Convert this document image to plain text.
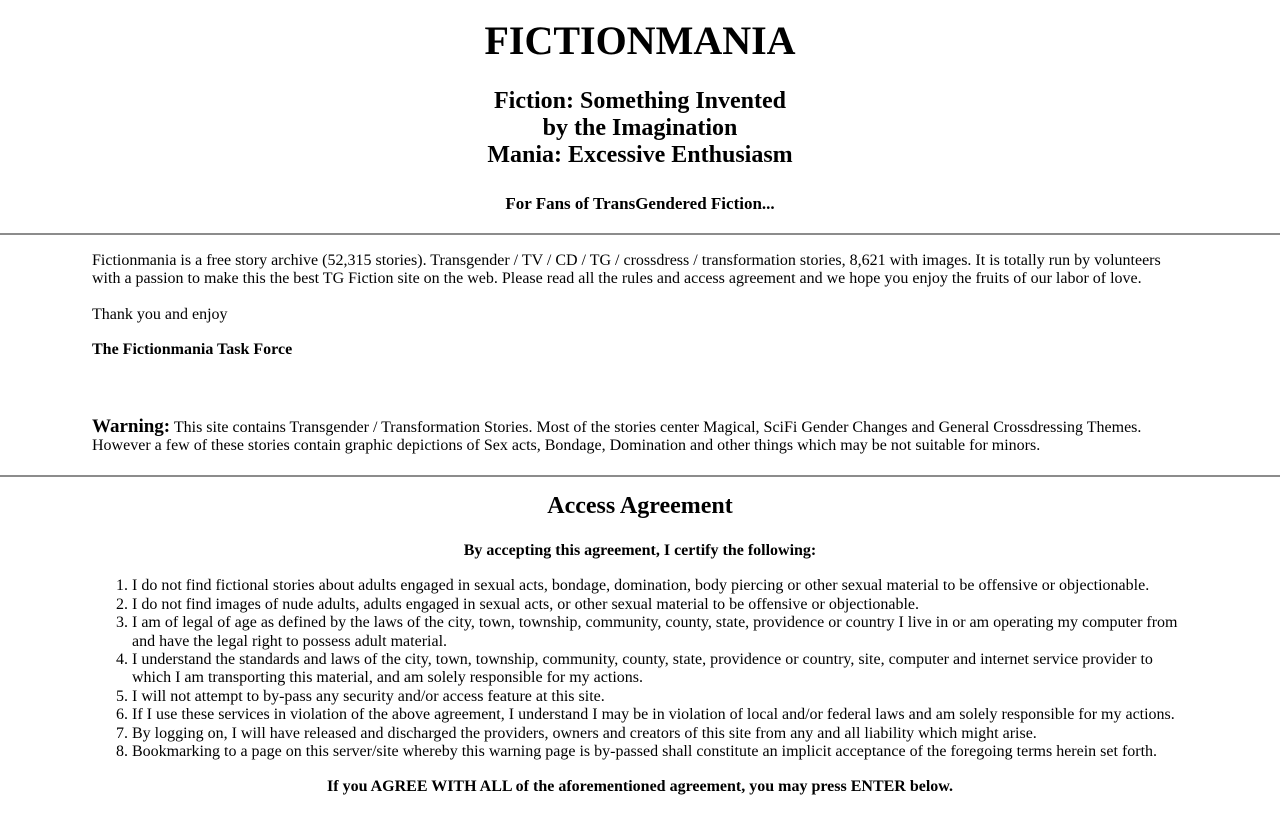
FICTIONMANIA
Fiction: Something Invented
by the Imagination
Mania: Excessive Enthusiasm
For Fans of TransGendered Fiction...

Fictionmania is a free story archive (52,315 stories). Transgender / TV / CD / TG / crossdress / transformation stories, 8,621 with images. It is totally run by volunteers with a passion to make this the best TG Fiction site on the web. Please read all the rules and access agreement and we hope you enjoy the fruits of our labor of love.

Thank you and enjoy

The Fictionmania Task Force

Warning: This site contains Transgender / Transformation Stories. Most of the stories center Magical, SciFi Gender Changes and General Crossdressing Themes. However a few of these stories contain graphic depictions of Sex acts, Bondage, Domination and other things which may be not suitable for minors.

Access Agreement

By accepting this agreement, I certify the following:

1. I do not find fictional stories about adults engaged in sexual acts, bondage, domination, body piercing or other sexual material to be offensive or objectionable.
2. I do not find images of nude adults, adults engaged in sexual acts, or other sexual material to be offensive or objectionable.
3. I am of legal of age as defined by the laws of the city, town, township, community, county, state, providence or country I live in or am operating my computer from and have the legal right to possess adult material.
4. I understand the standards and laws of the city, town, township, community, county, state, providence or country, site, computer and internet service provider to which I am transporting this material, and am solely responsible for my actions.
5. I will not attempt to by-pass any security and/or access feature at this site.
6. If I use these services in violation of the above agreement, I understand I may be in violation of local and/or federal laws and am solely responsible for my actions.
7. By logging on, I will have released and discharged the providers, owners and creators of this site from any and all liability which might arise.
8. Bookmarking to a page on this server/site whereby this warning page is by-passed shall constitute an implicit acceptance of the foregoing terms herein set forth.

If you AGREE WITH ALL of the aforementioned agreement, you may press ENTER below.
